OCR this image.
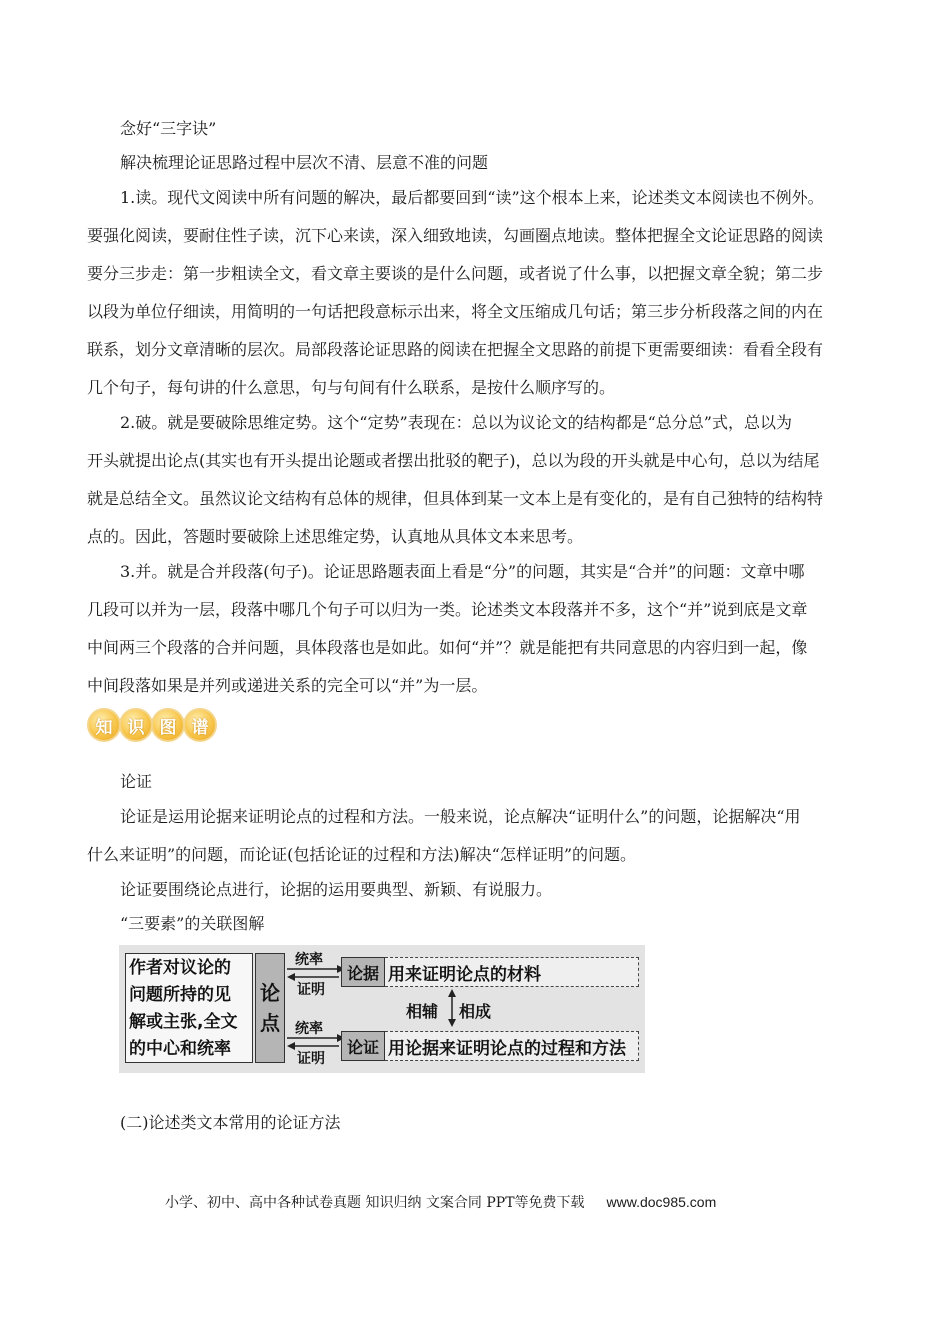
念好“三字诀”
解决梳理论证思路过程中层次不清、层意不准的问题
1.读。现代文阅读中所有问题的解决，最后都要回到“读”这个根本上来，论述类文本阅读也不例外。
要强化阅读，要耐住性子读，沉下心来读，深入细致地读，勾画圈点地读。整体把握全文论证思路的阅读
要分三步走：第一步粗读全文，看文章主要谈的是什么问题，或者说了什么事，以把握文章全貌；第二步
以段为单位仔细读，用简明的一句话把段意标示出来，将全文压缩成几句话；第三步分析段落之间的内在
联系，划分文章清晰的层次。局部段落论证思路的阅读在把握全文思路的前提下更需要细读：看看全段有
几个句子，每句讲的什么意思，句与句间有什么联系，是按什么顺序写的。
2.破。就是要破除思维定势。这个“定势”表现在：总以为议论文的结构都是“总分总”式，总以为
开头就提出论点(其实也有开头提出论题或者摆出批驳的靶子)，总以为段的开头就是中心句，总以为结尾
就是总结全文。虽然议论文结构有总体的规律，但具体到某一文本上是有变化的，是有自己独特的结构特
点的。因此，答题时要破除上述思维定势，认真地从具体文本来思考。
3.并。就是合并段落(句子)。论证思路题表面上看是“分”的问题，其实是“合并”的问题：文章中哪
几段可以并为一层，段落中哪几个句子可以归为一类。论述类文本段落并不多，这个“并”说到底是文章
中间两三个段落的合并问题，具体段落也是如此。如何“并”？就是能把有共同意思的内容归到一起，像
中间段落如果是并列或递进关系的完全可以“并”为一层。
知 识 图 谱
论证
论证是运用论据来证明论点的过程和方法。一般来说，论点解决“证明什么”的问题，论据解决“用
什么来证明”的问题，而论证(包括论证的过程和方法)解决“怎样证明”的问题。
论证要围绕论点进行，论据的运用要典型、新颖、有说服力。
“三要素”的关联图解
作者对议论的
问题所持的见
解或主张,全文
的中心和统率
论
点
统率
证明
统率
证明
论据 用来证明论点的材料
相辅 相成
论证 用论据来证明论点的过程和方法
(二)论述类文本常用的论证方法
小学、初中、高中各种试卷真题 知识归纳 文案合同 PPT等免费下载 www.doc985.com
